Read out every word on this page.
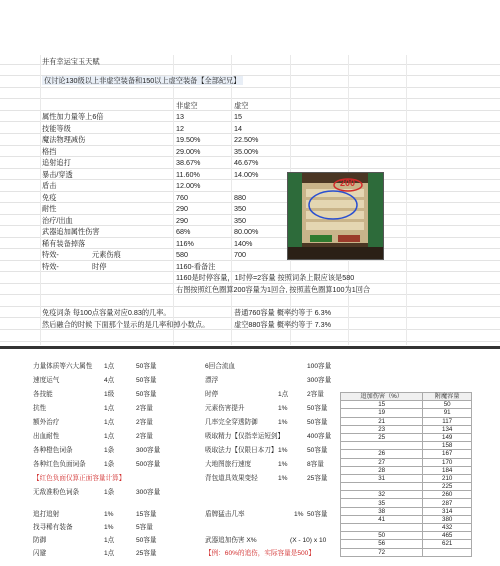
井有幸运宝玉天赋
仅讨论130级以上非虚空装备和150以上虚空装备【全部紀兄】
非虚空	虚空
属性加力量等上6倍	13	15
技能等级	12	14
魔法物理减伤	19.50%	22.50%
格挡	29.00%	35.00%
追射追打	38.67%	46.67%
暴击/穿透	11.60%	14.00%
盾击	12.00%
免疫	760	880
耐性	290	350
治疗/出血	290	350
武器追加属性伤害	68%	80.00%
稀有装备掉落	116%	140%
特效-	元素伤痕	580	700
特效-	时停	1160-看备注
1160是时停容量，1时停=2容量 按照词条上限应该是580
右图按照红色圈算200容量为1回合, 按照蓝色圈算100为1回合
免疫词条 每100点容量对应0.83的几率。
然后融合的时候 下面那个显示的是几率和掉小数点。
普通760容量 概率约等于 6.3%
虚空880容量 概率约等于 7.3%
200
力量体质等六大属性 1点	50容量
速度运气	4点	50容量
各技能	1级	50容量
抗性	1点	2容量
额外治疗	1点	2容量
出血耐性	1点	2容量
各种橙色词条	1条	300容量
各种红色负面词条	1条	500容量
【红色负面仅算正面容量计算】
无敌准粉色词条	1条	300容量
追打追射	1%	15容量
找寻稀有装备	1%	5容量
防御	1点	50容量
闪避	1点	25容量
6回合流血	100容量
漂浮	300容量
时停	1点	2容量
元素伤害提升	1%	50容量
几率完全穿透防御	1%	50容量
吸取精力【仅指幸运短剑】	400容量
吸取法力【仅限日本刀】 1%	50容量
大地图旅行速度	1%	8容量
背包道具效果变轻	1%	25容量
盾牌猛击几率	1% 50容量
武器追加伤害 X%	(X - 10) x 10
【例：60%的追伤，实际容量是500】
追加伤害（%）	附魔容量
15	50
19	91
21	117
23	134
25	149
	158
26	167
27	170
28	184
31	210
	225
32	260
35	287
38	314
41	380
	432
50	465
56	621
72	
